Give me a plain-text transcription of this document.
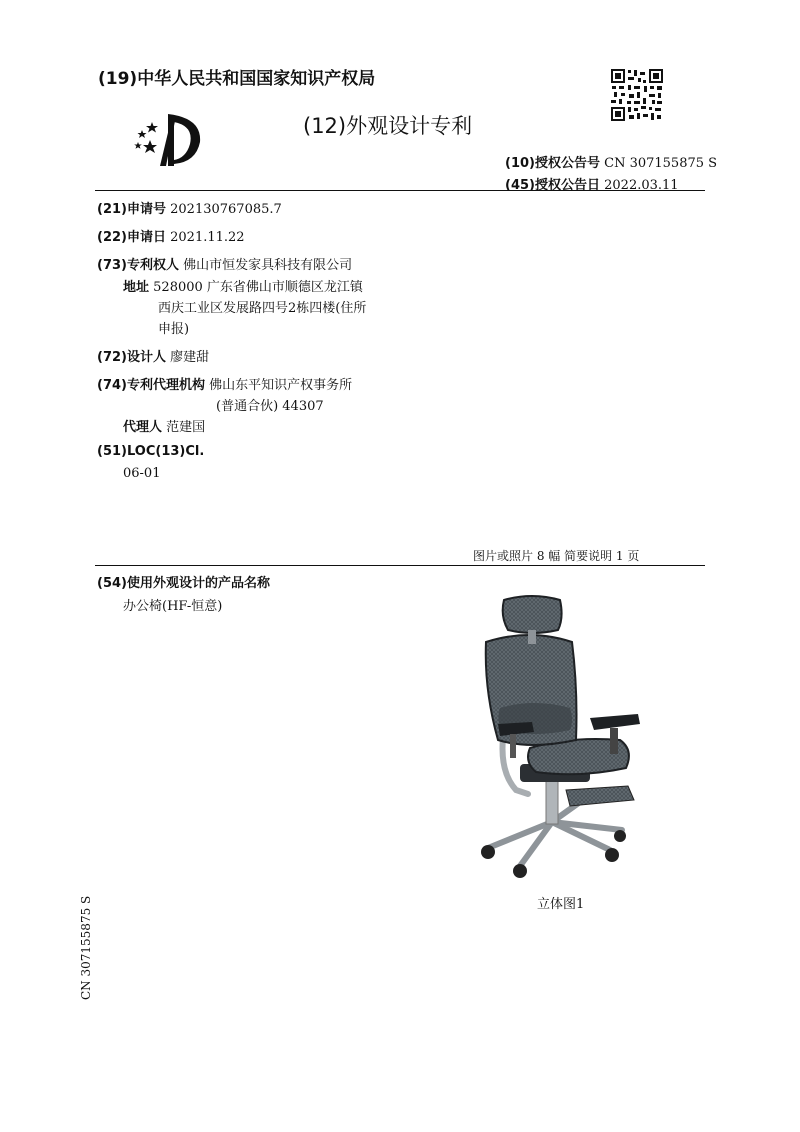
(19)中华人民共和国国家知识产权局
(12)外观设计专利
(10)授权公告号 CN 307155875 S
(45)授权公告日 2022.03.11
(21)申请号 202130767085.7
(22)申请日 2021.11.22
(73)专利权人 佛山市恒发家具科技有限公司
地址 528000 广东省佛山市顺德区龙江镇
西庆工业区发展路四号2栋四楼(住所
申报)
(72)设计人 廖建甜
(74)专利代理机构 佛山东平知识产权事务所
(普通合伙) 44307
代理人 范建国
(51)LOC(13)Cl.
06-01
图片或照片 8 幅 简要说明 1 页
(54)使用外观设计的产品名称
办公椅(HF-恒意)
立体图1
CN 307155875 S
